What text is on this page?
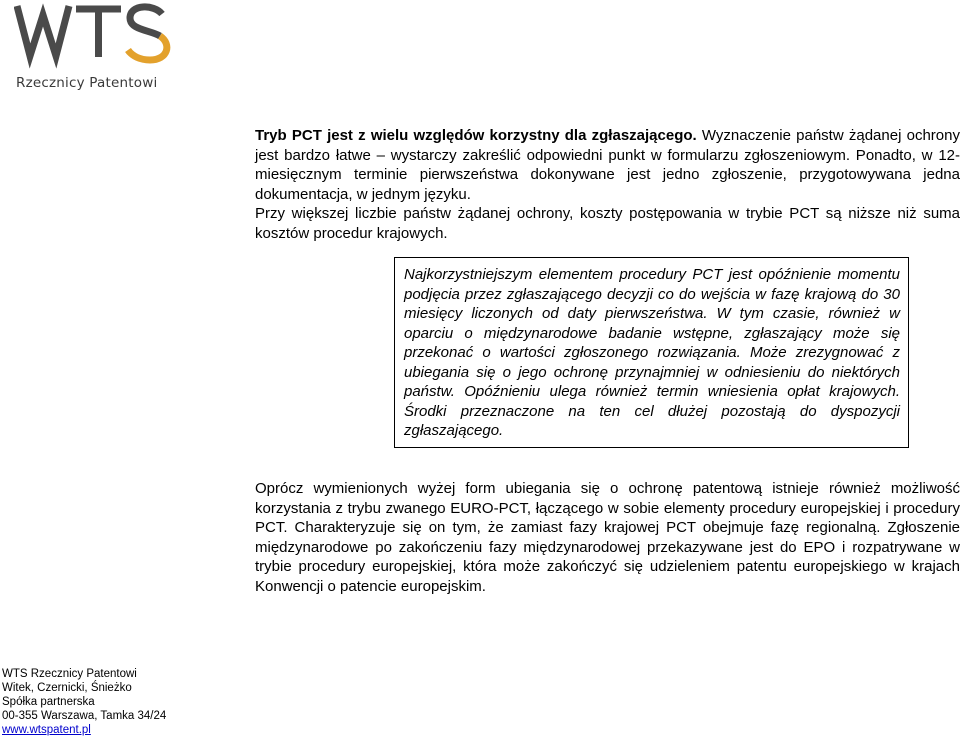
Rzecznicy Patentowi

Tryb PCT jest z wielu względów korzystny dla zgłaszającego. Wyznaczenie państw żądanej ochrony jest bardzo łatwe – wystarczy zakreślić odpowiedni punkt w formularzu zgłoszeniowym. Ponadto, w 12-miesięcznym terminie pierwszeństwa dokonywane jest jedno zgłoszenie, przygotowywana jedna dokumentacja, w jednym języku.

Przy większej liczbie państw żądanej ochrony, koszty postępowania w trybie PCT są niższe niż suma kosztów procedur krajowych.

Najkorzystniejszym elementem procedury PCT jest opóźnienie momentu podjęcia przez zgłaszającego decyzji co do wejścia w fazę krajową do 30 miesięcy liczonych od daty pierwszeństwa. W tym czasie, również w oparciu o międzynarodowe badanie wstępne, zgłaszający może się przekonać o wartości zgłoszonego rozwiązania. Może zrezygnować z ubiegania się o jego ochronę przynajmniej w odniesieniu do niektórych państw. Opóźnieniu ulega również termin wniesienia opłat krajowych. Środki przeznaczone na ten cel dłużej pozostają do dyspozycji zgłaszającego.
Oprócz wymienionych wyżej form ubiegania się o ochronę patentową istnieje również możliwość korzystania z trybu zwanego EURO-PCT, łączącego w sobie elementy procedury europejskiej i procedury PCT. Charakteryzuje się on tym, że zamiast fazy krajowej PCT obejmuje fazę regionalną. Zgłoszenie międzynarodowe po zakończeniu fazy międzynarodowej przekazywane jest do EPO i rozpatrywane w trybie procedury europejskiej, która może zakończyć się udzieleniem patentu europejskiego w krajach Konwencji o patencie europejskim.
WTS Rzecznicy Patentowi
Witek, Czernicki, Śnieżko
Spółka partnerska
00-355 Warszawa, Tamka 34/24
www.wtspatent.pl
